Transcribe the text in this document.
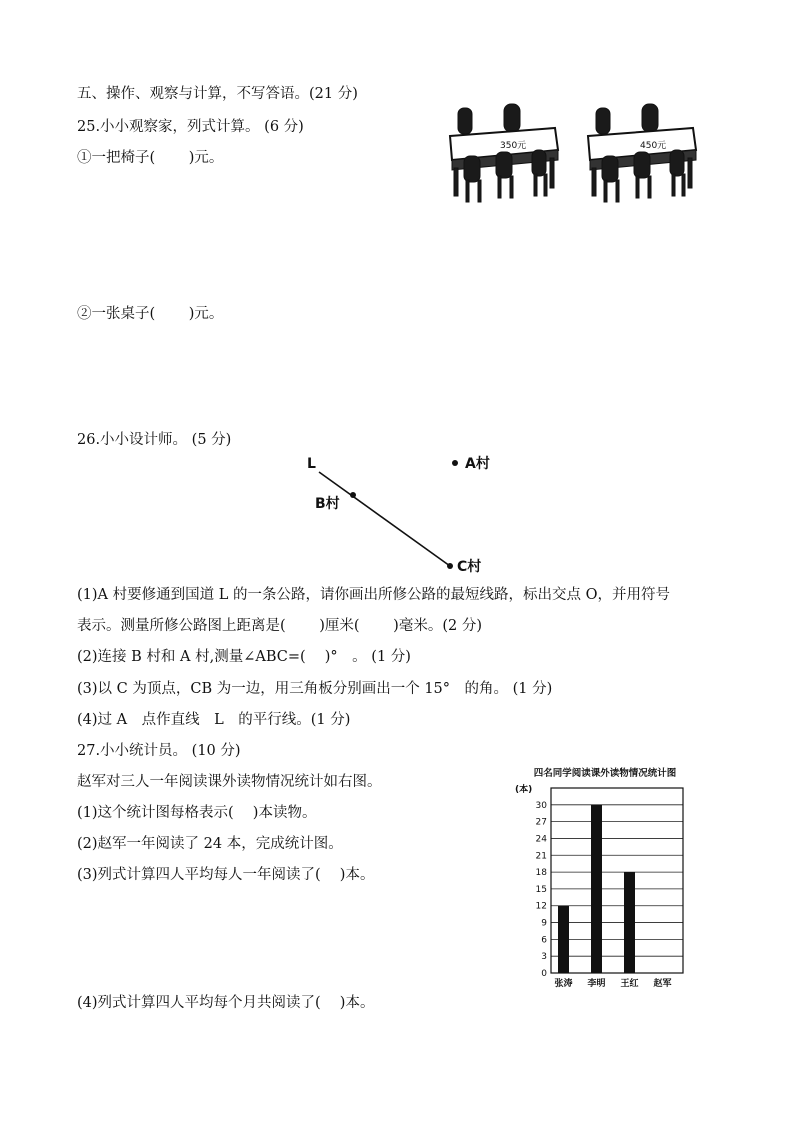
五、操作、观察与计算，不写答语。(21 分)
25.小小观察家，列式计算。 (6 分)
①一把椅子(　　 )元。
②一张桌子(　　 )元。
350元	450元
26.小小设计师。 (5 分)
L	A村
B村
C村
(1)A 村要修通到国道 L 的一条公路，请你画出所修公路的最短线路，标出交点 O，并用符号
表示。测量所修公路图上距离是(　　 )厘米(　　 )毫米。(2 分)
(2)连接 B 村和 A 村,测量∠ABC=(　 )°　。 (1 分)
(3)以 C 为顶点，CB 为一边，用三角板分别画出一个 15°　的角。 (1 分)
(4)过 A　点作直线　L　的平行线。(1 分)
27.小小统计员。 (10 分)
赵军对三人一年阅读课外读物情况统计如右图。
(1)这个统计图每格表示(　 )本读物。
(2)赵军一年阅读了 24 本，完成统计图。
(3)列式计算四人平均每人一年阅读了(　 )本。
(4)列式计算四人平均每个月共阅读了(　 )本。
四名同学阅读课外读物情况统计图
(本)
0
3
6
9
12
15
18
21
24
27
30
张涛 李明 王红 赵军
